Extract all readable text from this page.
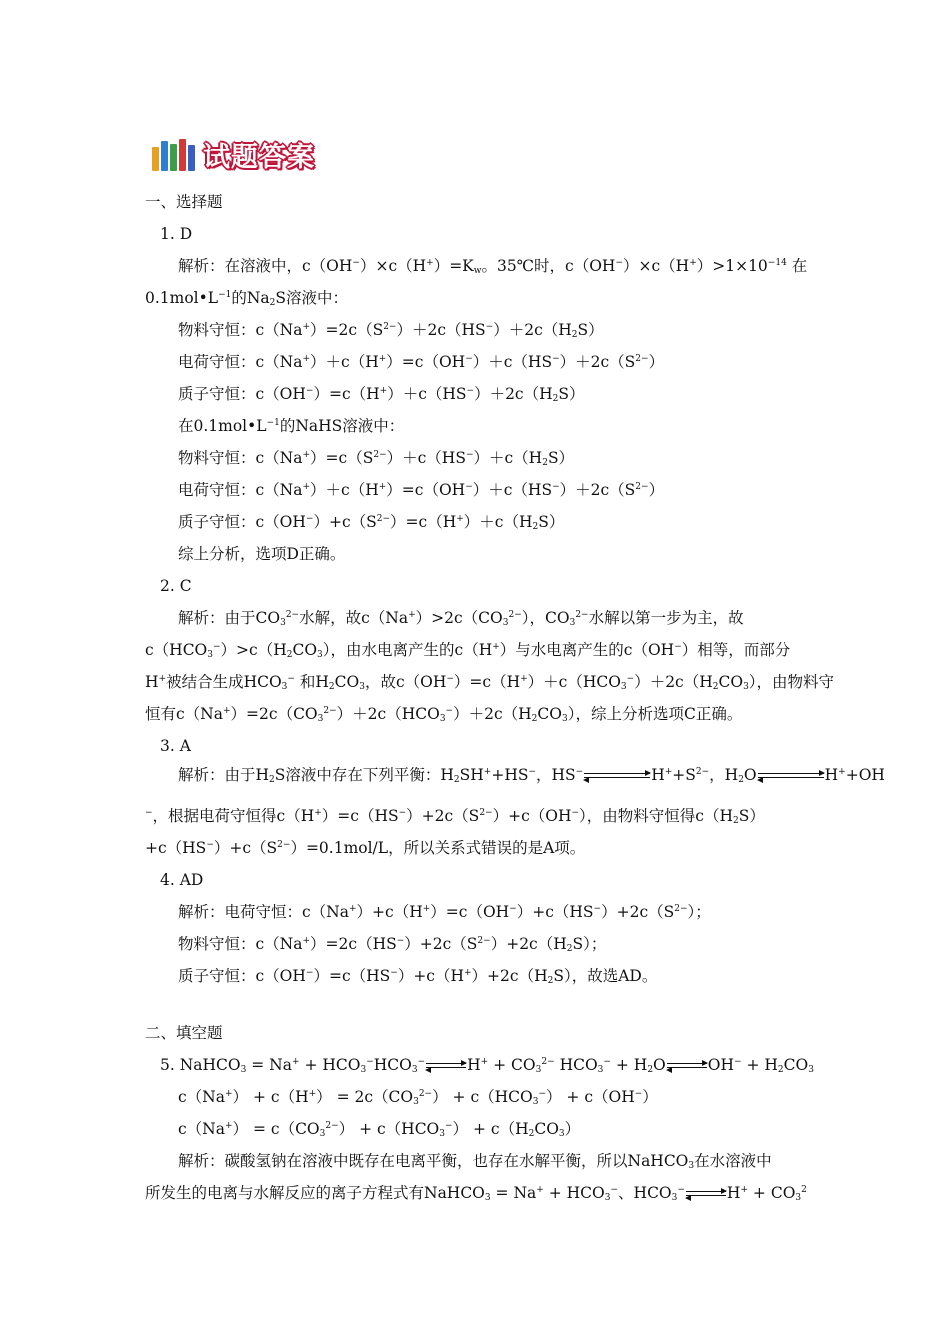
试题答案
一、选择题
1. D
解析：在溶液中，$c(OH^-)\times c(H^+)=K_w$。35℃时，$c(OH^-)\times c(H^+)>1\times 10^{-14}$ 在
$0.1mol•L^{-1}$的$Na_2S$溶液中：
物料守恒：$c(Na^+)=2c(S^{2-})+2c(HS^-)+2c(H_2S)$
电荷守恒：$c(Na^+)+c(H^+)=c(OH^-)+c(HS^-)+2c(S^{2-})$
质子守恒：$c(OH^-)=c(H^+)+c(HS^-)+2c(H_2S)$
在$0.1mol•L^{-1}$的NaHS溶液中：
物料守恒：$c(Na^+)=c(S^{2-})+c(HS^-)+c(H_2S)$
电荷守恒：$c(Na^+)+c(H^+)=c(OH^-)+c(HS^-)+2c(S^{2-})$
质子守恒：$c(OH^-)+c(S^{2-})=c(H^+)+c(H_2S)$
综上分析，选项D正确。
2. C
解析：由于$CO_3^{2-}$水解，故$c(Na^+)>2c(CO_3^{2-})$，$CO_3^{2-}$水解以第一步为主，故
$c(HCO_3^-)>c(H_2CO_3)$，由水电离产生的c（H+）与水电离产生的c（OH−）相等，而部分
H+被结合生成$HCO_3^-$ 和$H_2CO_3$，故$c(OH^-)=c(H^+)+c(HCO_3^-)+2c(H_2CO_3)$，由物料守
恒有$c(Na^+)=2c(CO_3^{2-})+2c(HCO_3^-)+2c(H_2CO_3)$，综上分析选项C正确。
3. A
解析：由于$H_2S$溶液中存在下列平衡：$H_2SH^++HS^-$，HS−	$H^++S^{2-}$，$H_2O$	H++OH
−，根据电荷守恒得$c(H^+)=c(HS^-)+2c(S^{2-})+c(OH^-)$，由物料守恒得$c(H_2S)$
$+c(HS^-)+c(S^{2-})=0.1mol/L$，所以关系式错误的是A项。
4. AD
解析：电荷守恒：$c(Na^+)+c(H^+)=c(OH^-)+c(HS^-)+2c(S^{2-})$；
物料守恒：$c(Na^+)=2c(HS^-)+2c(S^{2-})+2c(H_2S)$；
质子守恒：$c(OH^-)=c(HS^-)+c(H^+)+2c(H_2S)$，故选AD。
二、填空题
5. NaHCO$_3$ = $Na^+ + HCO_3^-HCO_3^-$	$H^+ + CO_3^{2-}$ $HCO_3^- + H_2O$	$OH^- + H_2CO_3$
$c(Na^+) + c(H^+) = 2c(CO_3^{2-}) + c(HCO_3^-) + c(OH^-)$
$c(Na^+) = c(CO_3^{2-}) + c(HCO_3^-) + c(H_2CO_3)$
解析：碳酸氢钠在溶液中既存在电离平衡，也存在水解平衡，所以NaHCO$_3$在水溶液中
所发生的电离与水解反应的离子方程式有NaHCO$_3$ = $Na^+ + HCO_3^-$、$HCO_3^-$	$H^+ + CO_3^2$
